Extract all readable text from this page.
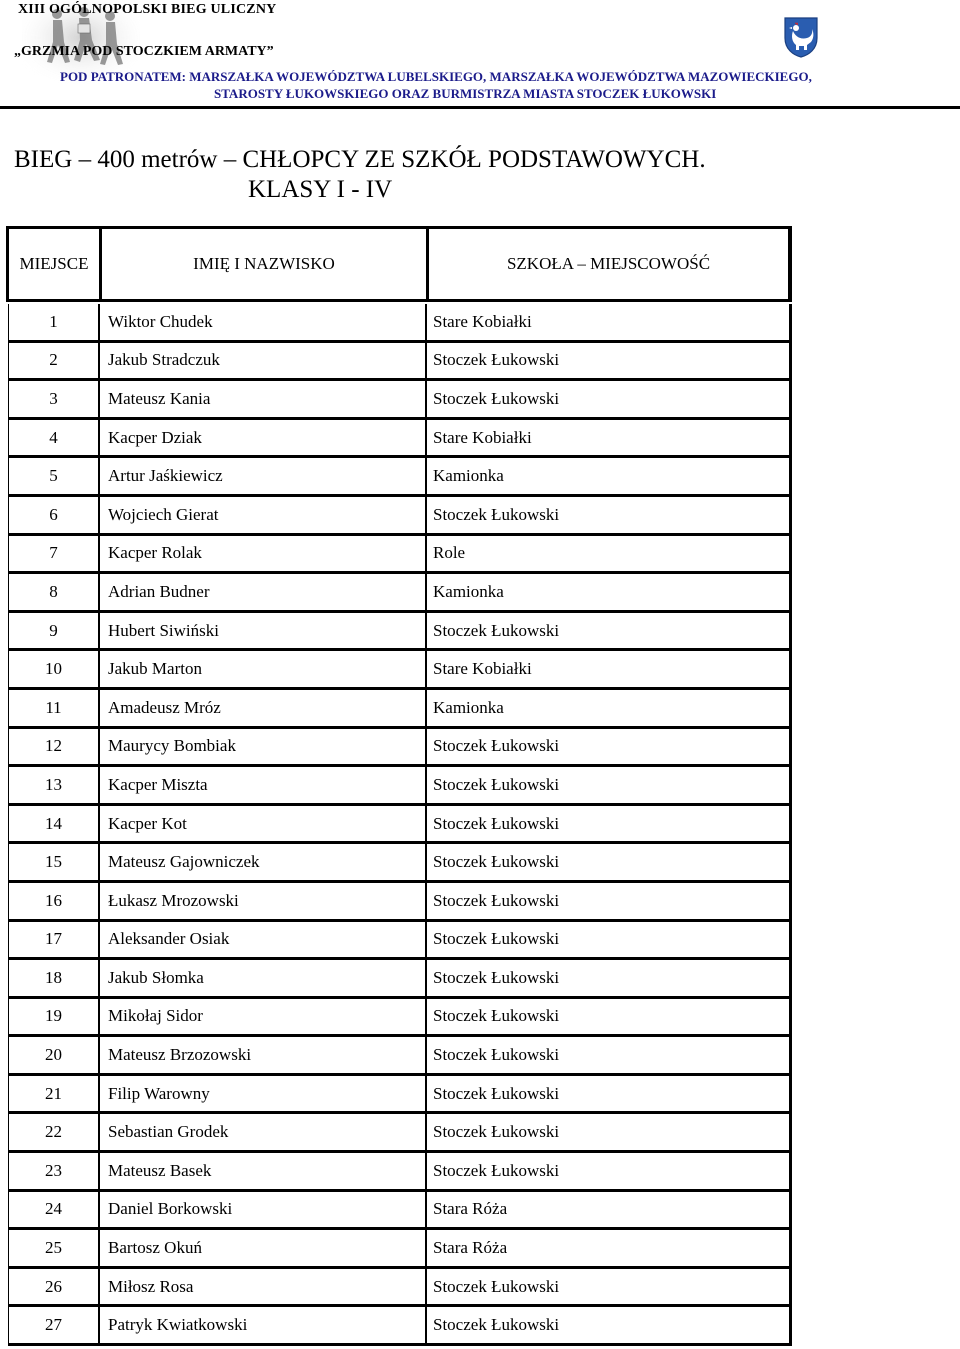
XIII OGÓLNOPOLSKI BIEG ULICZNY
„GRZMIA POD STOCZKIEM ARMATY”
POD PATRONATEM: MARSZAŁKA WOJEWÓDZTWA LUBELSKIEGO, MARSZAŁKA WOJEWÓDZTWA MAZOWIECKIEGO,
STAROSTY ŁUKOWSKIEGO ORAZ BURMISTRZA MIASTA STOCZEK ŁUKOWSKI
BIEG – 400 metrów – CHŁOPCY ZE SZKÓŁ PODSTAWOWYCH.
KLASY I - IV
MIEJSCE	IMIĘ I NAZWISKO	SZKOŁA – MIEJSCOWOŚĆ
1	Wiktor Chudek	Stare Kobiałki
2	Jakub Stradczuk	Stoczek Łukowski
3	Mateusz Kania	Stoczek Łukowski
4	Kacper Dziak	Stare Kobiałki
5	Artur Jaśkiewicz	Kamionka
6	Wojciech Gierat	Stoczek Łukowski
7	Kacper Rolak	Role
8	Adrian Budner	Kamionka
9	Hubert Siwiński	Stoczek Łukowski
10	Jakub Marton	Stare Kobiałki
11	Amadeusz Mróz	Kamionka
12	Maurycy Bombiak	Stoczek Łukowski
13	Kacper Miszta	Stoczek Łukowski
14	Kacper Kot	Stoczek Łukowski
15	Mateusz Gajowniczek	Stoczek Łukowski
16	Łukasz Mrozowski	Stoczek Łukowski
17	Aleksander Osiak	Stoczek Łukowski
18	Jakub Słomka	Stoczek Łukowski
19	Mikołaj Sidor	Stoczek Łukowski
20	Mateusz Brzozowski	Stoczek Łukowski
21	Filip Warowny	Stoczek Łukowski
22	Sebastian Grodek	Stoczek Łukowski
23	Mateusz Basek	Stoczek Łukowski
24	Daniel Borkowski	Stara Róża
25	Bartosz Okuń	Stara Róża
26	Miłosz Rosa	Stoczek Łukowski
27	Patryk Kwiatkowski	Stoczek Łukowski
